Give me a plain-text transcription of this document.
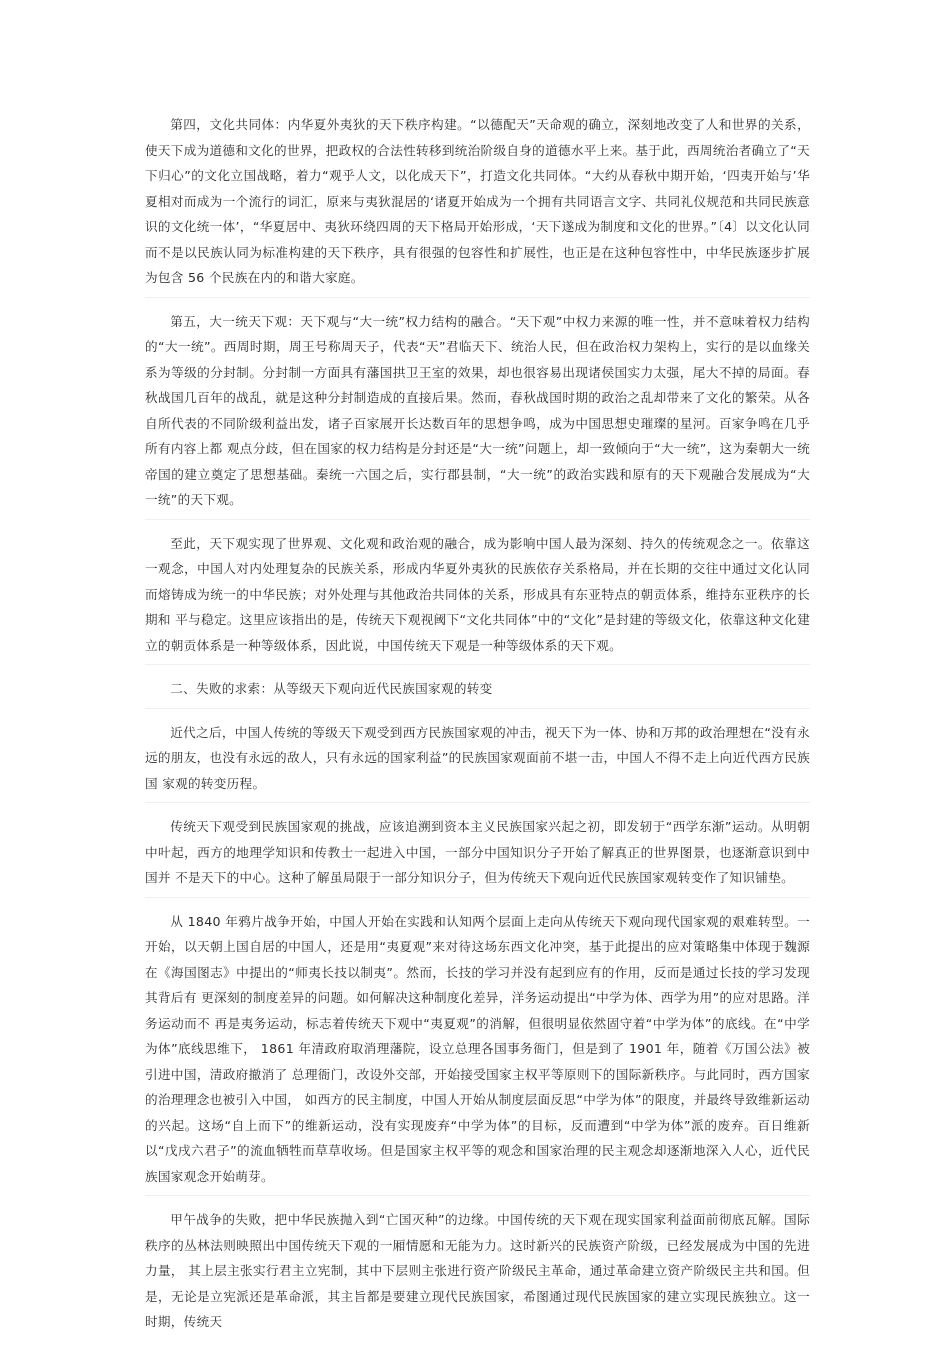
第四，文化共同体：内华夏外夷狄的天下秩序构建。“以德配天”天命观的确立，深刻地改变了人和世界的关系，使天下成为道德和文化的世界，把政权的合法性转移到统治阶级自身的道德水平上来。基于此，西周统治者确立了“天下归心”的文化立国战略，着力“观乎人文，以化成天下”，打造文化共同体。“大约从春秋中期开始，‘四夷开始与’华夏相对而成为一个流行的词汇，原来与夷狄混居的‘诸夏开始成为一个拥有共同语言文字、共同礼仪规范和共同民族意识的文化统一体’，“华夏居中、夷狄环绕四周的天下格局开始形成，‘天下遂成为制度和文化的世界。”〔4〕以文化认同而不是以民族认同为标准构建的天下秩序，具有很强的包容性和扩展性，也正是在这种包容性中，中华民族逐步扩展为包含 56 个民族在内的和谐大家庭。

第五，大一统天下观：天下观与“大一统”权力结构的融合。“天下观”中权力来源的唯一性，并不意味着权力结构的“大一统”。西周时期，周王号称周天子，代表“天”君临天下、统治人民，但在政治权力架构上，实行的是以血缘关系为等级的分封制。分封制一方面具有藩国拱卫王室的效果，却也很容易出现诸侯国实力太强，尾大不掉的局面。春秋战国几百年的战乱，就是这种分封制造成的直接后果。然而，春秋战国时期的政治之乱却带来了文化的繁荣。从各自所代表的不同阶级利益出发，诸子百家展开长达数百年的思想争鸣，成为中国思想史璀璨的星河。百家争鸣在几乎所有内容上都 观点分歧，但在国家的权力结构是分封还是“大一统”问题上，却一致倾向于“大一统”，这为秦朝大一统帝国的建立奠定了思想基础。秦统一六国之后，实行郡县制，“大一统”的政治实践和原有的天下观融合发展成为“大一统”的天下观。

至此，天下观实现了世界观、文化观和政治观的融合，成为影响中国人最为深刻、持久的传统观念之一。依靠这 一观念，中国人对内处理复杂的民族关系，形成内华夏外夷狄的民族依存关系格局，并在长期的交往中通过文化认同而熔铸成为统一的中华民族；对外处理与其他政治共同体的关系，形成具有东亚特点的朝贡体系，维持东亚秩序的长期和 平与稳定。这里应该指出的是，传统天下观视阈下“文化共同体”中的“文化”是封建的等级文化，依靠这种文化建立的朝贡体系是一种等级体系，因此说，中国传统天下观是一种等级体系的天下观。

二、失败的求索：从等级天下观向近代民族国家观的转变

近代之后，中国人传统的等级天下观受到西方民族国家观的冲击，视天下为一体、协和万邦的政治理想在“没有永远的朋友，也没有永远的敌人，只有永远的国家利益”的民族国家观面前不堪一击，中国人不得不走上向近代西方民族国 家观的转变历程。

传统天下观受到民族国家观的挑战，应该追溯到资本主义民族国家兴起之初，即发轫于“西学东渐”运动。从明朝中叶起，西方的地理学知识和传教士一起进入中国，一部分中国知识分子开始了解真正的世界图景，也逐渐意识到中国并 不是天下的中心。这种了解虽局限于一部分知识分子，但为传统天下观向近代民族国家观转变作了知识铺垫。

从 1840 年鸦片战争开始，中国人开始在实践和认知两个层面上走向从传统天下观向现代国家观的艰难转型。一开始，以天朝上国自居的中国人，还是用“夷夏观”来对待这场东西文化冲突，基于此提出的应对策略集中体现于魏源在《海国图志》中提出的“师夷长技以制夷”。然而，长技的学习并没有起到应有的作用，反而是通过长技的学习发现其背后有 更深刻的制度差异的问题。如何解决这种制度化差异，洋务运动提出“中学为体、西学为用”的应对思路。洋务运动而不 再是夷务运动，标志着传统天下观中“夷夏观”的消解，但很明显依然固守着“中学为体”的底线。在“中学为体”底线思维下， 1861 年清政府取消理藩院，设立总理各国事务衙门，但是到了 1901 年，随着《万国公法》被引进中国，清政府撤消了 总理衙门，改设外交部，开始接受国家主权平等原则下的国际新秩序。与此同时，西方国家的治理理念也被引入中国， 如西方的民主制度，中国人开始从制度层面反思“中学为体”的限度，并最终导致维新运动的兴起。这场“自上而下”的维新运动，没有实现废弃“中学为体”的目标，反而遭到“中学为体”派的废弃。百日维新以“戊戌六君子”的流血牺牲而草草收场。但是国家主权平等的观念和国家治理的民主观念却逐渐地深入人心，近代民族国家观念开始萌芽。

甲午战争的失败，把中华民族抛入到“亡国灭种”的边缘。中国传统的天下观在现实国家利益面前彻底瓦解。国际秩序的丛林法则映照出中国传统天下观的一厢情愿和无能为力。这时新兴的民族资产阶级，已经发展成为中国的先进力量， 其上层主张实行君主立宪制，其中下层则主张进行资产阶级民主革命，通过革命建立资产阶级民主共和国。但是，无论是立宪派还是革命派，其主旨都是要建立现代民族国家，希图通过现代民族国家的建立实现民族独立。这一时期，传统天
